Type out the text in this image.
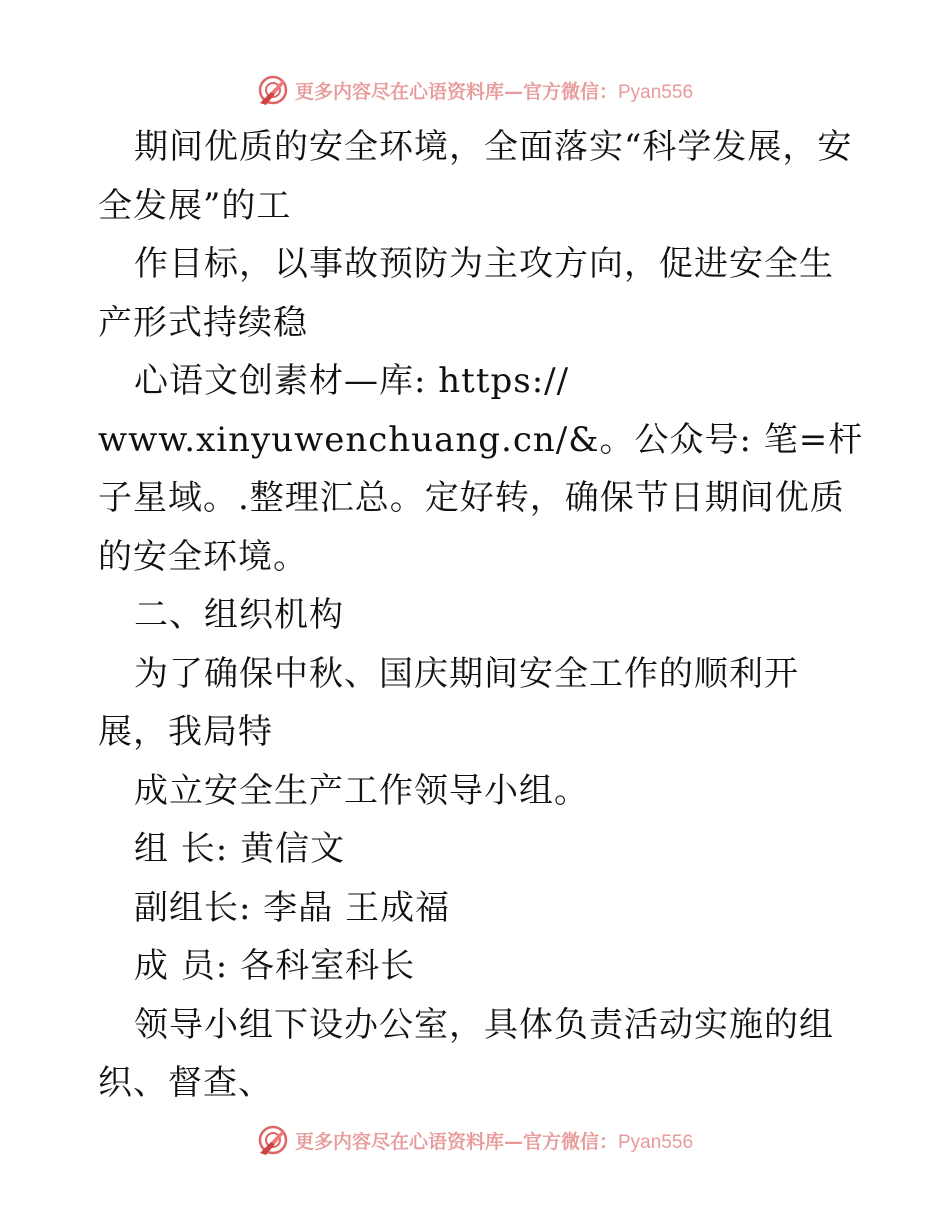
更多内容尽在心语资料库—官方微信：Pyan556

期间优质的安全环境，全面落实“科学发展，安全发展”的工

作目标，以事故预防为主攻方向，促进安全生产形式持续稳

心语文创素材—库: https://

www.xinyuwenchuang.cn/&。公众号: 笔=杆子星域。.整理汇总。定好转，确保节日期间优质的安全环境。

二、组织机构

为了确保中秋、国庆期间安全工作的顺利开展，我局特

成立安全生产工作领导小组。

组 长: 黄信文

副组长: 李晶 王成福

成 员: 各科室科长

领导小组下设办公室，具体负责活动实施的组织、督查、

更多内容尽在心语资料库—官方微信：Pyan556
